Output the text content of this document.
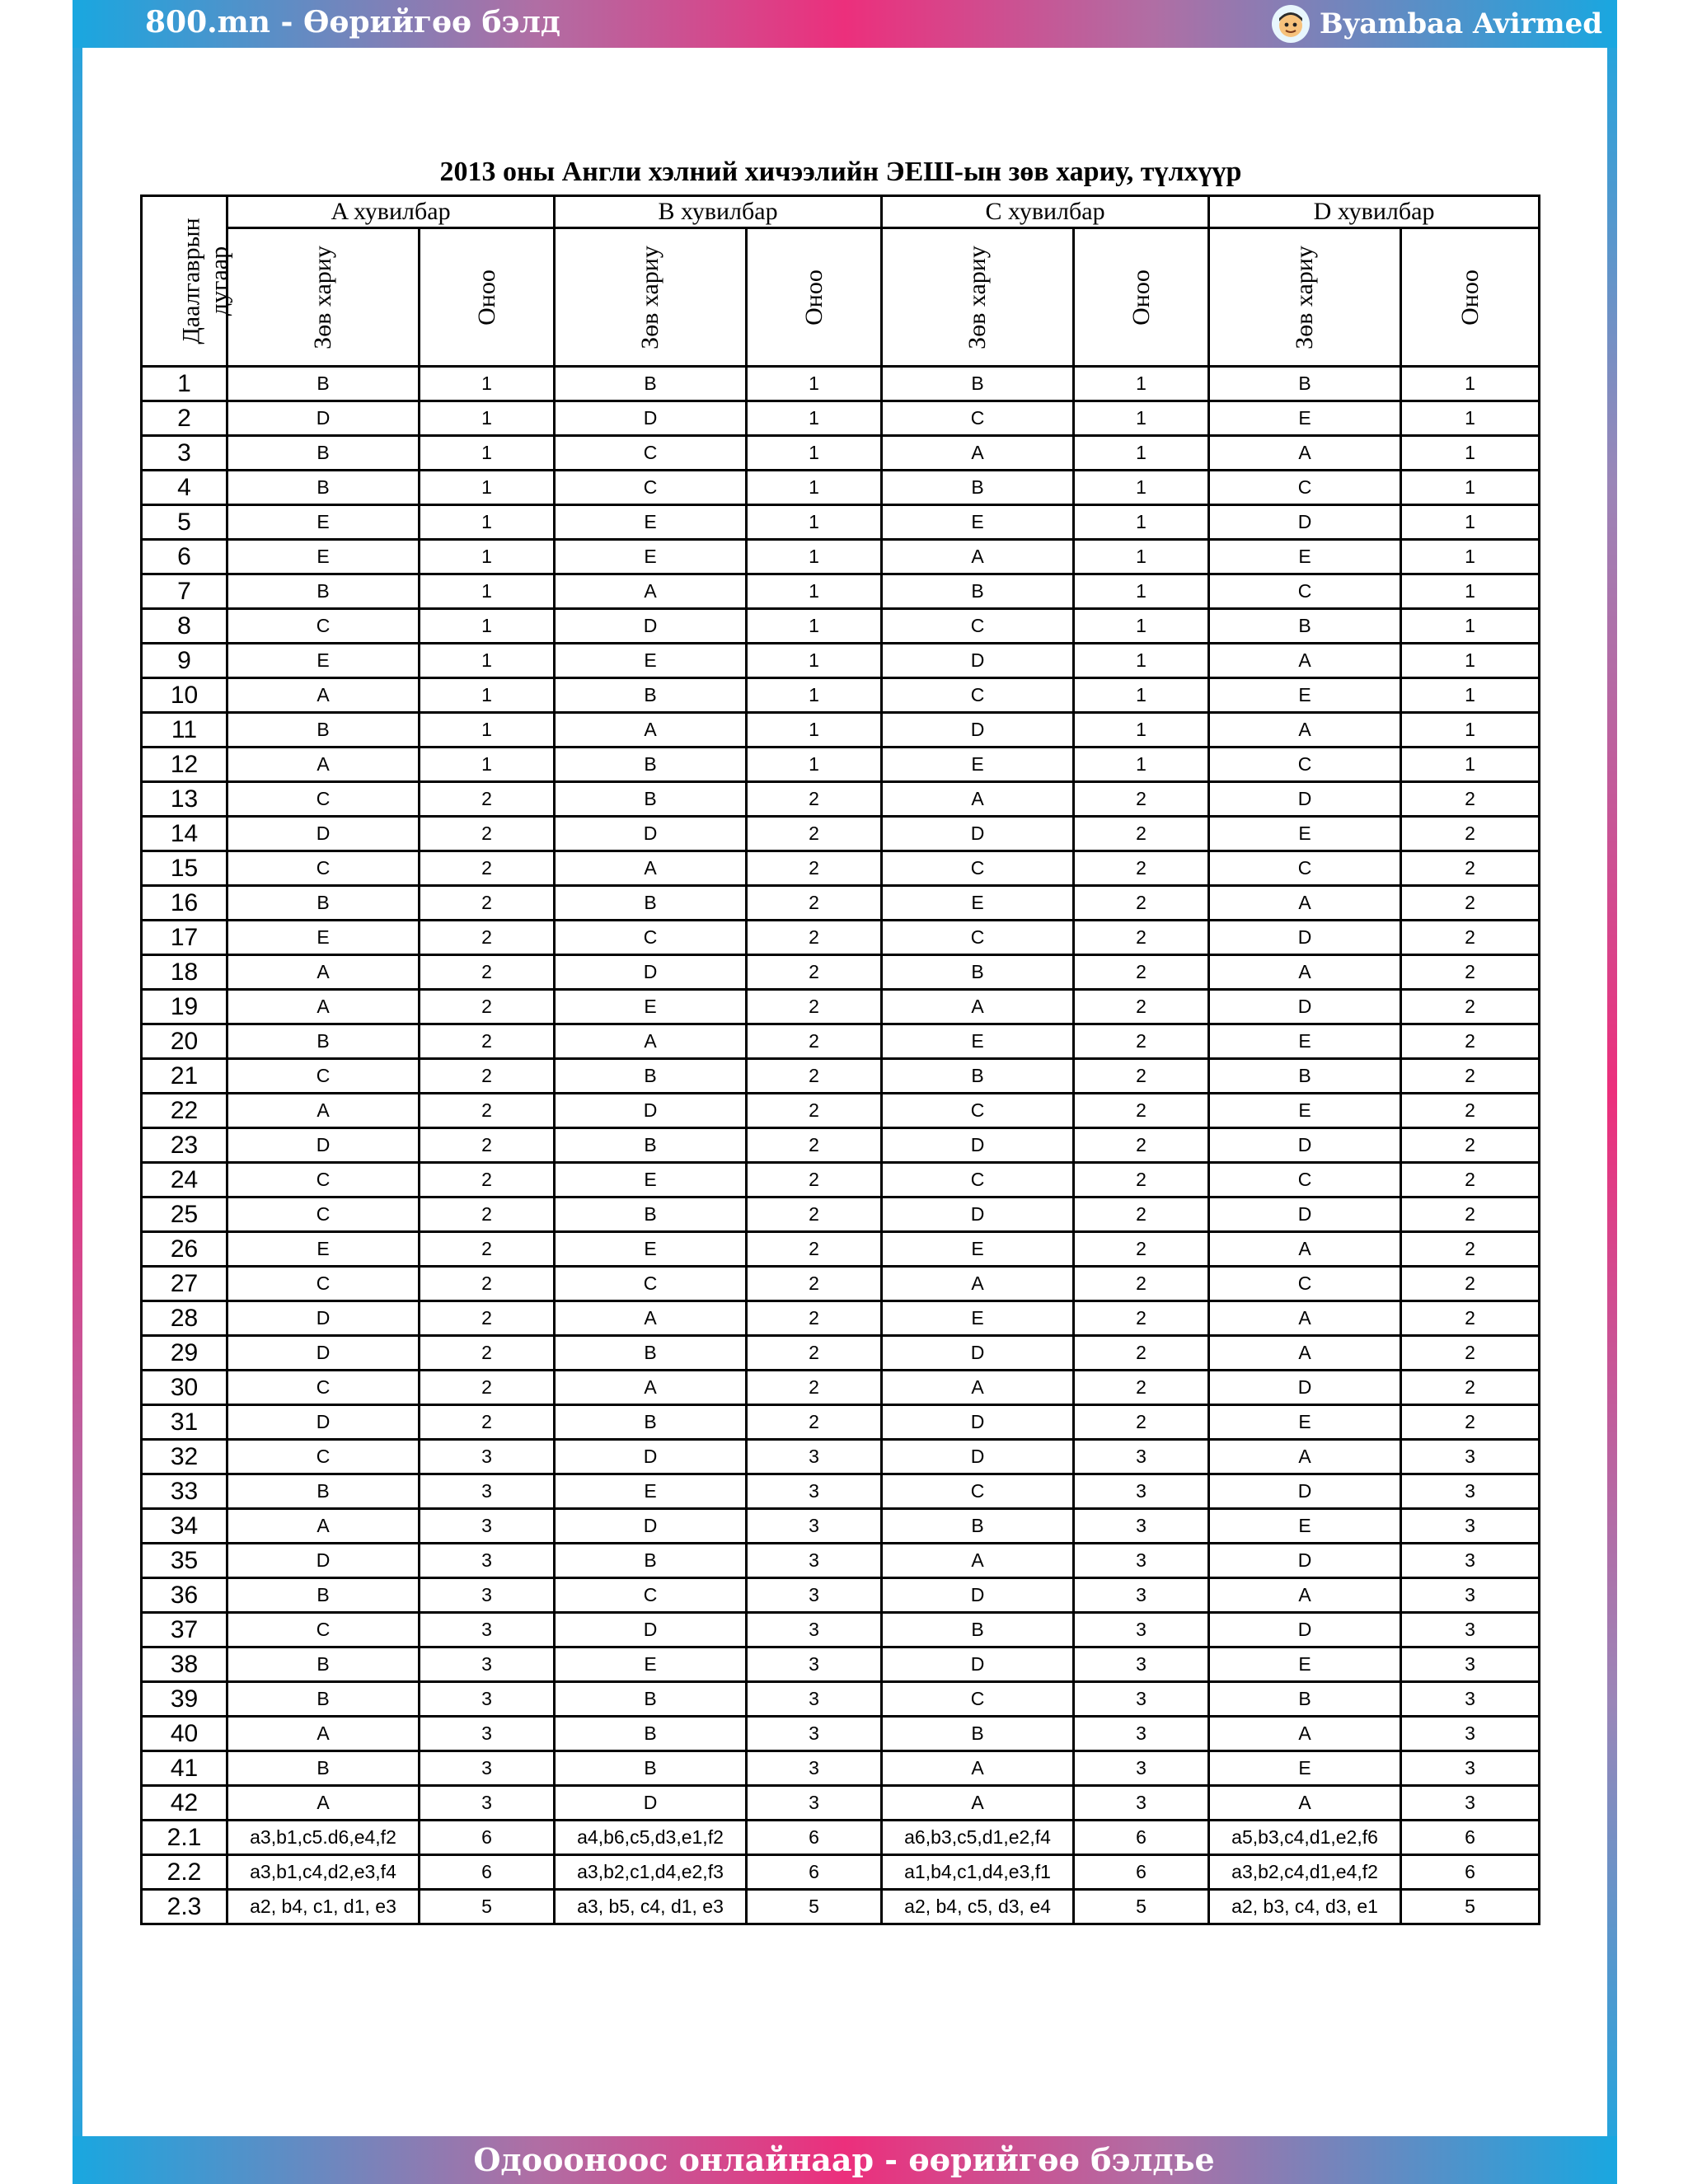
800.mn - Өөрийгөө бэлд	Byambaa Avirmed
2013 оны Англи хэлний хичээлийн ЭЕШ-ын зөв хариу, түлхүүр
Даалгаврын
дугаар	A хувилбар		B хувилбар		C хувилбар		D хувилбар	
	Зөв хариу	Оноо	Зөв хариу	Оноо	Зөв хариу	Оноо	Зөв хариу	Оноо
1	B	1	B	1	B	1	B	1
2	D	1	D	1	C	1	E	1
3	B	1	C	1	A	1	A	1
4	B	1	C	1	B	1	C	1
5	E	1	E	1	E	1	D	1
6	E	1	E	1	A	1	E	1
7	B	1	A	1	B	1	C	1
8	C	1	D	1	C	1	B	1
9	E	1	E	1	D	1	A	1
10	A	1	B	1	C	1	E	1
11	B	1	A	1	D	1	A	1
12	A	1	B	1	E	1	C	1
13	C	2	B	2	A	2	D	2
14	D	2	D	2	D	2	E	2
15	C	2	A	2	C	2	C	2
16	B	2	B	2	E	2	A	2
17	E	2	C	2	C	2	D	2
18	A	2	D	2	B	2	A	2
19	A	2	E	2	A	2	D	2
20	B	2	A	2	E	2	E	2
21	C	2	B	2	B	2	B	2
22	A	2	D	2	C	2	E	2
23	D	2	B	2	D	2	D	2
24	C	2	E	2	C	2	C	2
25	C	2	B	2	D	2	D	2
26	E	2	E	2	E	2	A	2
27	C	2	C	2	A	2	C	2
28	D	2	A	2	E	2	A	2
29	D	2	B	2	D	2	A	2
30	C	2	A	2	A	2	D	2
31	D	2	B	2	D	2	E	2
32	C	3	D	3	D	3	A	3
33	B	3	E	3	C	3	D	3
34	A	3	D	3	B	3	E	3
35	D	3	B	3	A	3	D	3
36	B	3	C	3	D	3	A	3
37	C	3	D	3	B	3	D	3
38	B	3	E	3	D	3	E	3
39	B	3	B	3	C	3	B	3
40	A	3	B	3	B	3	A	3
41	B	3	B	3	A	3	E	3
42	A	3	D	3	A	3	A	3
2.1	a3,b1,c5.d6,e4,f2	6	a4,b6,c5,d3,e1,f2	6	a6,b3,c5,d1,e2,f4	6	a5,b3,c4,d1,e2,f6	6
2.2	a3,b1,c4,d2,e3,f4	6	a3,b2,c1,d4,e2,f3	6	a1,b4,c1,d4,e3,f1	6	a3,b2,c4,d1,e4,f2	6
2.3	a2, b4, c1, d1, e3	5	a3, b5, c4, d1, e3	5	a2, b4, c5, d3, e4	5	a2, b3, c4, d3, e1	5
Одоооноос онлайнаар - өөрийгөө бэлдье
